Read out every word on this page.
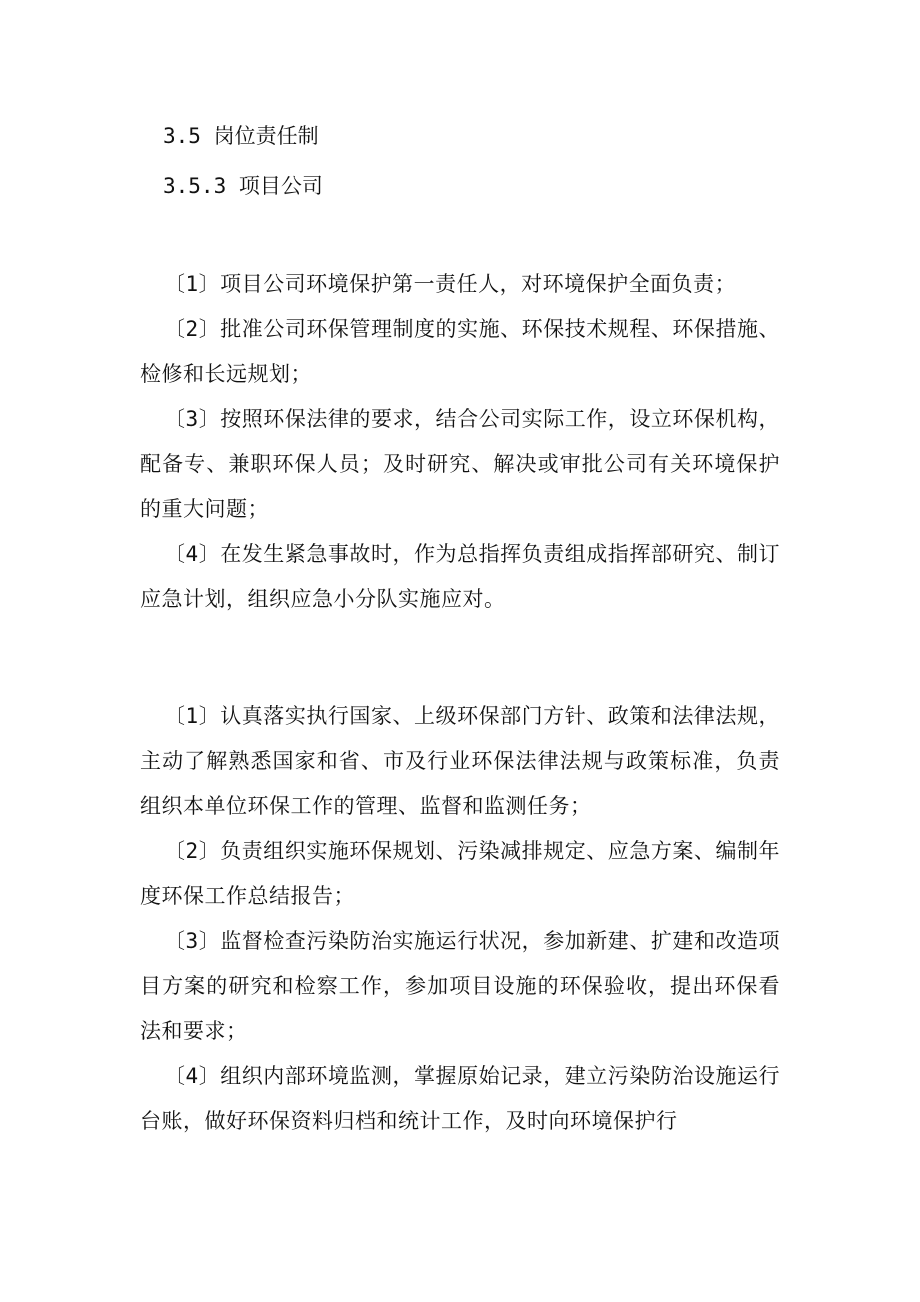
3.5 岗位责任制
3.5.3 项目公司

〔1〕项目公司环境保护第一责任人，对环境保护全面负责；

〔2〕批准公司环保管理制度的实施、环保技术规程、环保措施、检修和长远规划；

〔3〕按照环保法律的要求，结合公司实际工作，设立环保机构，配备专、兼职环保人员；及时研究、解决或审批公司有关环境保护的重大问题；

〔4〕在发生紧急事故时，作为总指挥负责组成指挥部研究、制订应急计划，组织应急小分队实施应对。

〔1〕认真落实执行国家、上级环保部门方针、政策和法律法规，主动了解熟悉国家和省、市及行业环保法律法规与政策标准，负责组织本单位环保工作的管理、监督和监测任务；

〔2〕负责组织实施环保规划、污染减排规定、应急方案、编制年度环保工作总结报告；

〔3〕监督检查污染防治实施运行状况，参加新建、扩建和改造项目方案的研究和检察工作，参加项目设施的环保验收，提出环保看法和要求；

〔4〕组织内部环境监测，掌握原始记录，建立污染防治设施运行台账，做好环保资料归档和统计工作，及时向环境保护行
